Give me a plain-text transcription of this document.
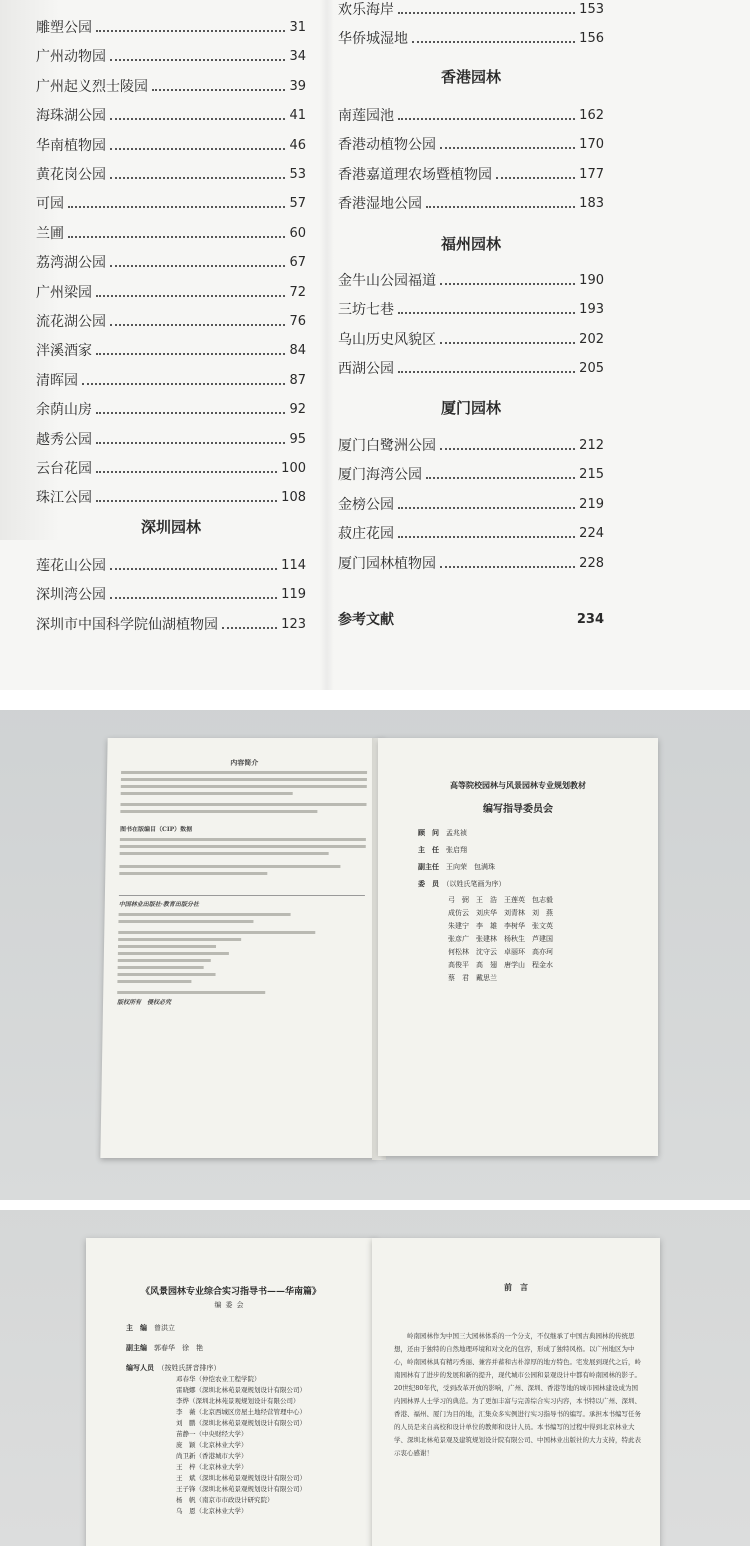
雕塑公园	31
广州动物园	34
广州起义烈士陵园	39
海珠湖公园	41
华南植物园	46
黄花岗公园	53
可园	57
兰圃	60
荔湾湖公园	67
广州梁园	72
流花湖公园	76
泮溪酒家	84
清晖园	87
余荫山房	92
越秀公园	95
云台花园	100
珠江公园	108
深圳园林
莲花山公园	114
深圳湾公园	119
深圳市中国科学院仙湖植物园	123
欢乐海岸	153
华侨城湿地	156
香港园林
南莲园池	162
香港动植物公园	170
香港嘉道理农场暨植物园	177
香港湿地公园	183
福州园林
金牛山公园福道	190
三坊七巷	193
乌山历史风貌区	202
西湖公园	205
厦门园林
厦门白鹭洲公园	212
厦门海湾公园	215
金榜公园	219
菽庄花园	224
厦门园林植物园	228
参考文献	234
内容简介
图书在版编目（CIP）数据
中国林业出版社·教育出版分社
版权所有　侵权必究
高等院校园林与风景园林专业规划教材
编写指导委员会
顾　问　孟兆祯
主　任　张启翔
副主任　王向荣　包满珠
委　员　（以姓氏笔画为序）
弓　弼　王　浩　王莲英　包志毅
成仿云　刘庆华　刘青林　刘　燕
朱建宁　李　雄　李树华　张文英
张彦广　张建林　杨秋生　芦建国
何松林　沈守云　卓丽环　高亦珂
高俊平　高　翅　唐学山　程金水
蔡　君　戴思兰
《风景园林专业综合实习指导书——华南篇》
编委会
主　编　 曾洪立
副主编　 郭春华　徐　艳
编写人员　 （按姓氏拼音排序）
邓春华（仲恺农业工程学院）
雷晓娜（深圳北林苑景观规划设计有限公司）
李烨（深圳北林苑景观规划设计有限公司）
李　薇（北京西城区房屋土地经营管理中心）
刘　鹏（深圳北林苑景观规划设计有限公司）
苗静一（中央财经大学）
庞　颖（北京林业大学）
尚卫新（香港城市大学）
王　梓（北京林业大学）
王　斌（深圳北林苑景观规划设计有限公司）
王子锋（深圳北林苑景观规划设计有限公司）
杨　帆（南京市市政设计研究院）
乌　恩（北京林业大学）
前　言
岭南园林作为中国三大园林体系的一个分支，不仅继承了中国古典园林的传统思想，还由于独特的自然地理环境和对文化的包容，形成了独特风格。以广州地区为中心，岭南园林具有精巧秀丽、兼容并蓄和古朴淳厚的地方特色。宅发展到现代之后，岭南园林有了进步的发展和新的提升，现代城市公园和景观设计中都有岭南园林的影子。20世纪80年代，受到改革开放的影响，广州、深圳、香港等地的城市园林建设成为国内园林界人士学习的典范。为了更加丰富与完善综合实习内容，本书特以广州、深圳、香港、福州、厦门为目的地，汇集众多实例进行实习指导书的编写。承担本书编写任务的人员是来自高校和设计单位的教师和设计人员。本书编写的过程中得到北京林业大学、深圳北林苑景观及建筑规划设计院有限公司、中国林业出版社的大力支持，特此表示衷心感谢！
